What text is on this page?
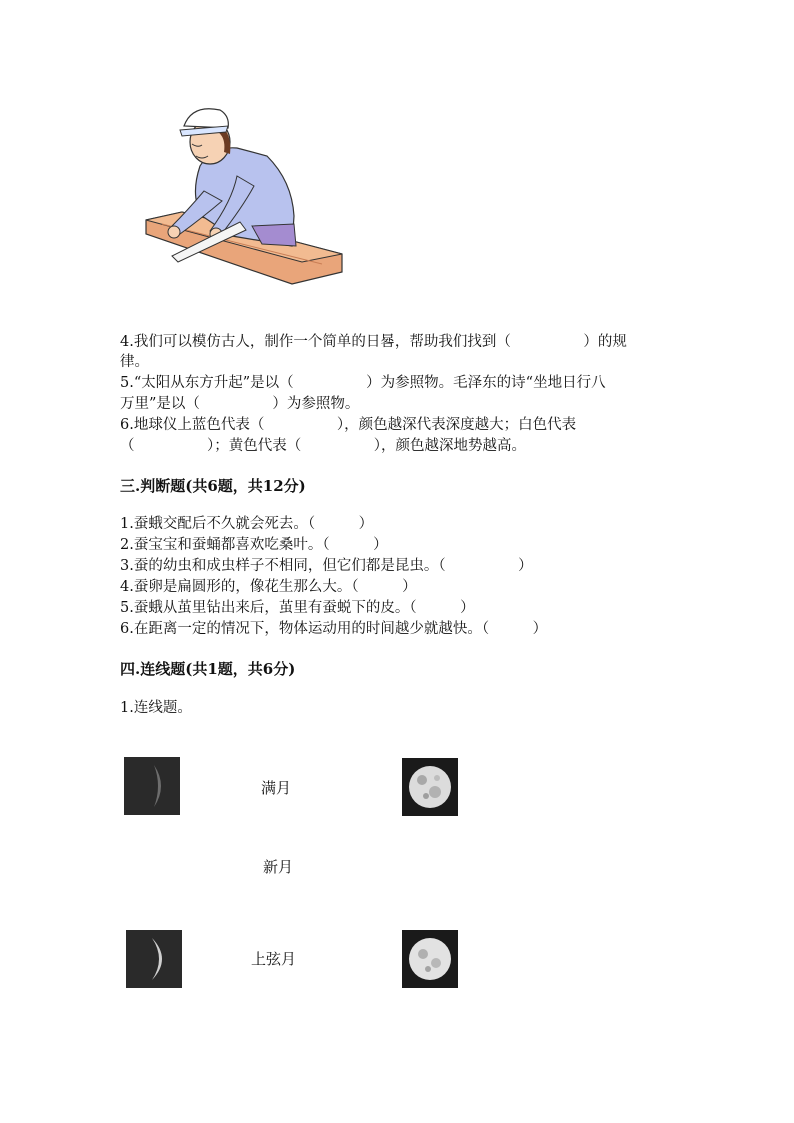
4.我们可以模仿古人，制作一个简单的日晷，帮助我们找到（　　　　　）的规
律。
5.“太阳从东方升起”是以（　　　　　）为参照物。毛泽东的诗“坐地日行八
万里”是以（　　　　　）为参照物。
6.地球仪上蓝色代表（　　　　　），颜色越深代表深度越大；白色代表
（　　　　　）；黄色代表（　　　　　），颜色越深地势越高。
三.判断题(共6题，共12分)
1.蚕蛾交配后不久就会死去。（　　　）
2.蚕宝宝和蚕蛹都喜欢吃桑叶。（　　　）
3.蚕的幼虫和成虫样子不相同，但它们都是昆虫。（　　　　　）
4.蚕卵是扁圆形的，像花生那么大。（　　　）
5.蚕蛾从茧里钻出来后，茧里有蚕蜕下的皮。（　　　）
6.在距离一定的情况下，物体运动用的时间越少就越快。（　　　）
四.连线题(共1题，共6分)
1.连线题。
满月
新月
上弦月
